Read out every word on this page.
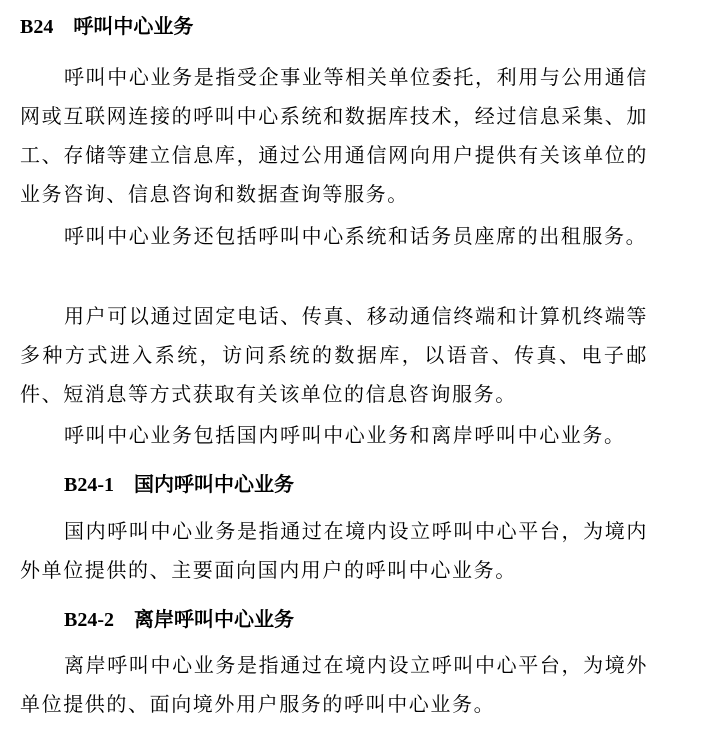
B24 呼叫中心业务

呼叫中心业务是指受企事业等相关单位委托，利用与公用通信网或互联网连接的呼叫中心系统和数据库技术，经过信息采集、加工、存储等建立信息库，通过公用通信网向用户提供有关该单位的业务咨询、信息咨询和数据查询等服务。

呼叫中心业务还包括呼叫中心系统和话务员座席的出租服务。

用户可以通过固定电话、传真、移动通信终端和计算机终端等多种方式进入系统，访问系统的数据库，以语音、传真、电子邮件、短消息等方式获取有关该单位的信息咨询服务。

呼叫中心业务包括国内呼叫中心业务和离岸呼叫中心业务。

B24-1 国内呼叫中心业务

国内呼叫中心业务是指通过在境内设立呼叫中心平台，为境内外单位提供的、主要面向国内用户的呼叫中心业务。

B24-2 离岸呼叫中心业务

离岸呼叫中心业务是指通过在境内设立呼叫中心平台，为境外单位提供的、面向境外用户服务的呼叫中心业务。
